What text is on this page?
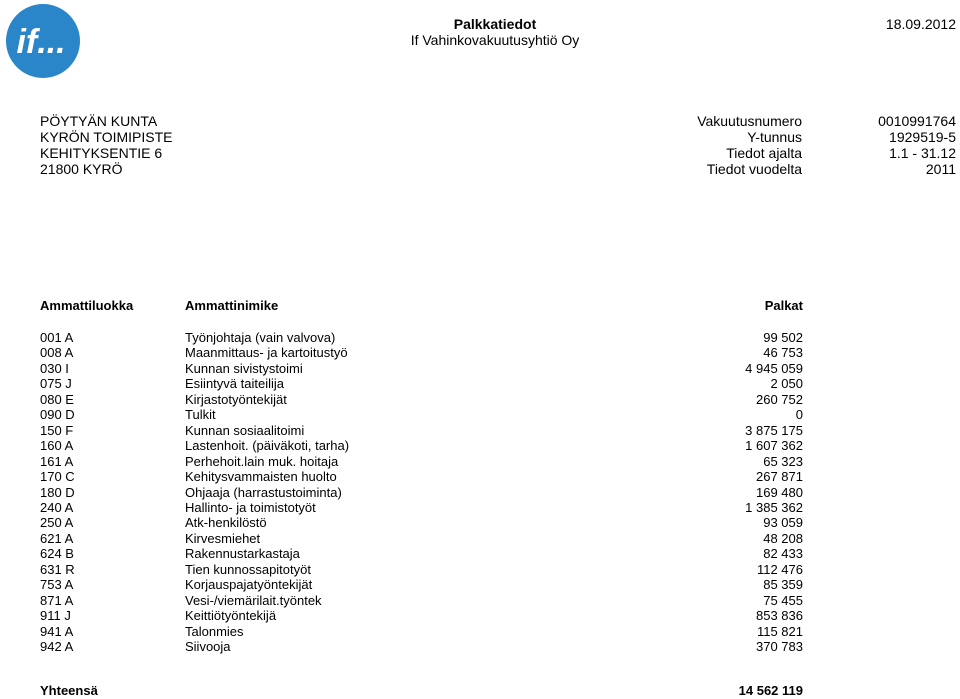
if...	Palkkatiedot
If Vahinkovakuutusyhtiö Oy
18.09.2012
PÖYTYÄN KUNTA
KYRÖN TOIMIPISTE
KEHITYKSENTIE 6
21800 KYRÖ
Vakuutusnumero	0010991764
Y-tunnus	1929519-5
Tiedot ajalta	1.1 - 31.12
Tiedot vuodelta	2011
Ammattiluokka	Ammattinimike	Palkat
001 A	Työnjohtaja (vain valvova)	99 502
008 A	Maanmittaus- ja kartoitustyö	46 753
030 I	Kunnan sivistystoimi	4 945 059
075 J	Esiintyvä taiteilija	2 050
080 E	Kirjastotyöntekijät	260 752
090 D	Tulkit	0
150 F	Kunnan sosiaalitoimi	3 875 175
160 A	Lastenhoit. (päiväkoti, tarha)	1 607 362
161 A	Perhehoit.lain muk. hoitaja	65 323
170 C	Kehitysvammaisten huolto	267 871
180 D	Ohjaaja (harrastustoiminta)	169 480
240 A	Hallinto- ja toimistotyöt	1 385 362
250 A	Atk-henkilöstö	93 059
621 A	Kirvesmiehet	48 208
624 B	Rakennustarkastaja	82 433
631 R	Tien kunnossapitotyöt	112 476
753 A	Korjauspajatyöntekijät	85 359
871 A	Vesi-/viemärilait.työntek	75 455
911 J	Keittiötyöntekijä	853 836
941 A	Talonmies	115 821
942 A	Siivooja	370 783
Yhteensä	14 562 119
